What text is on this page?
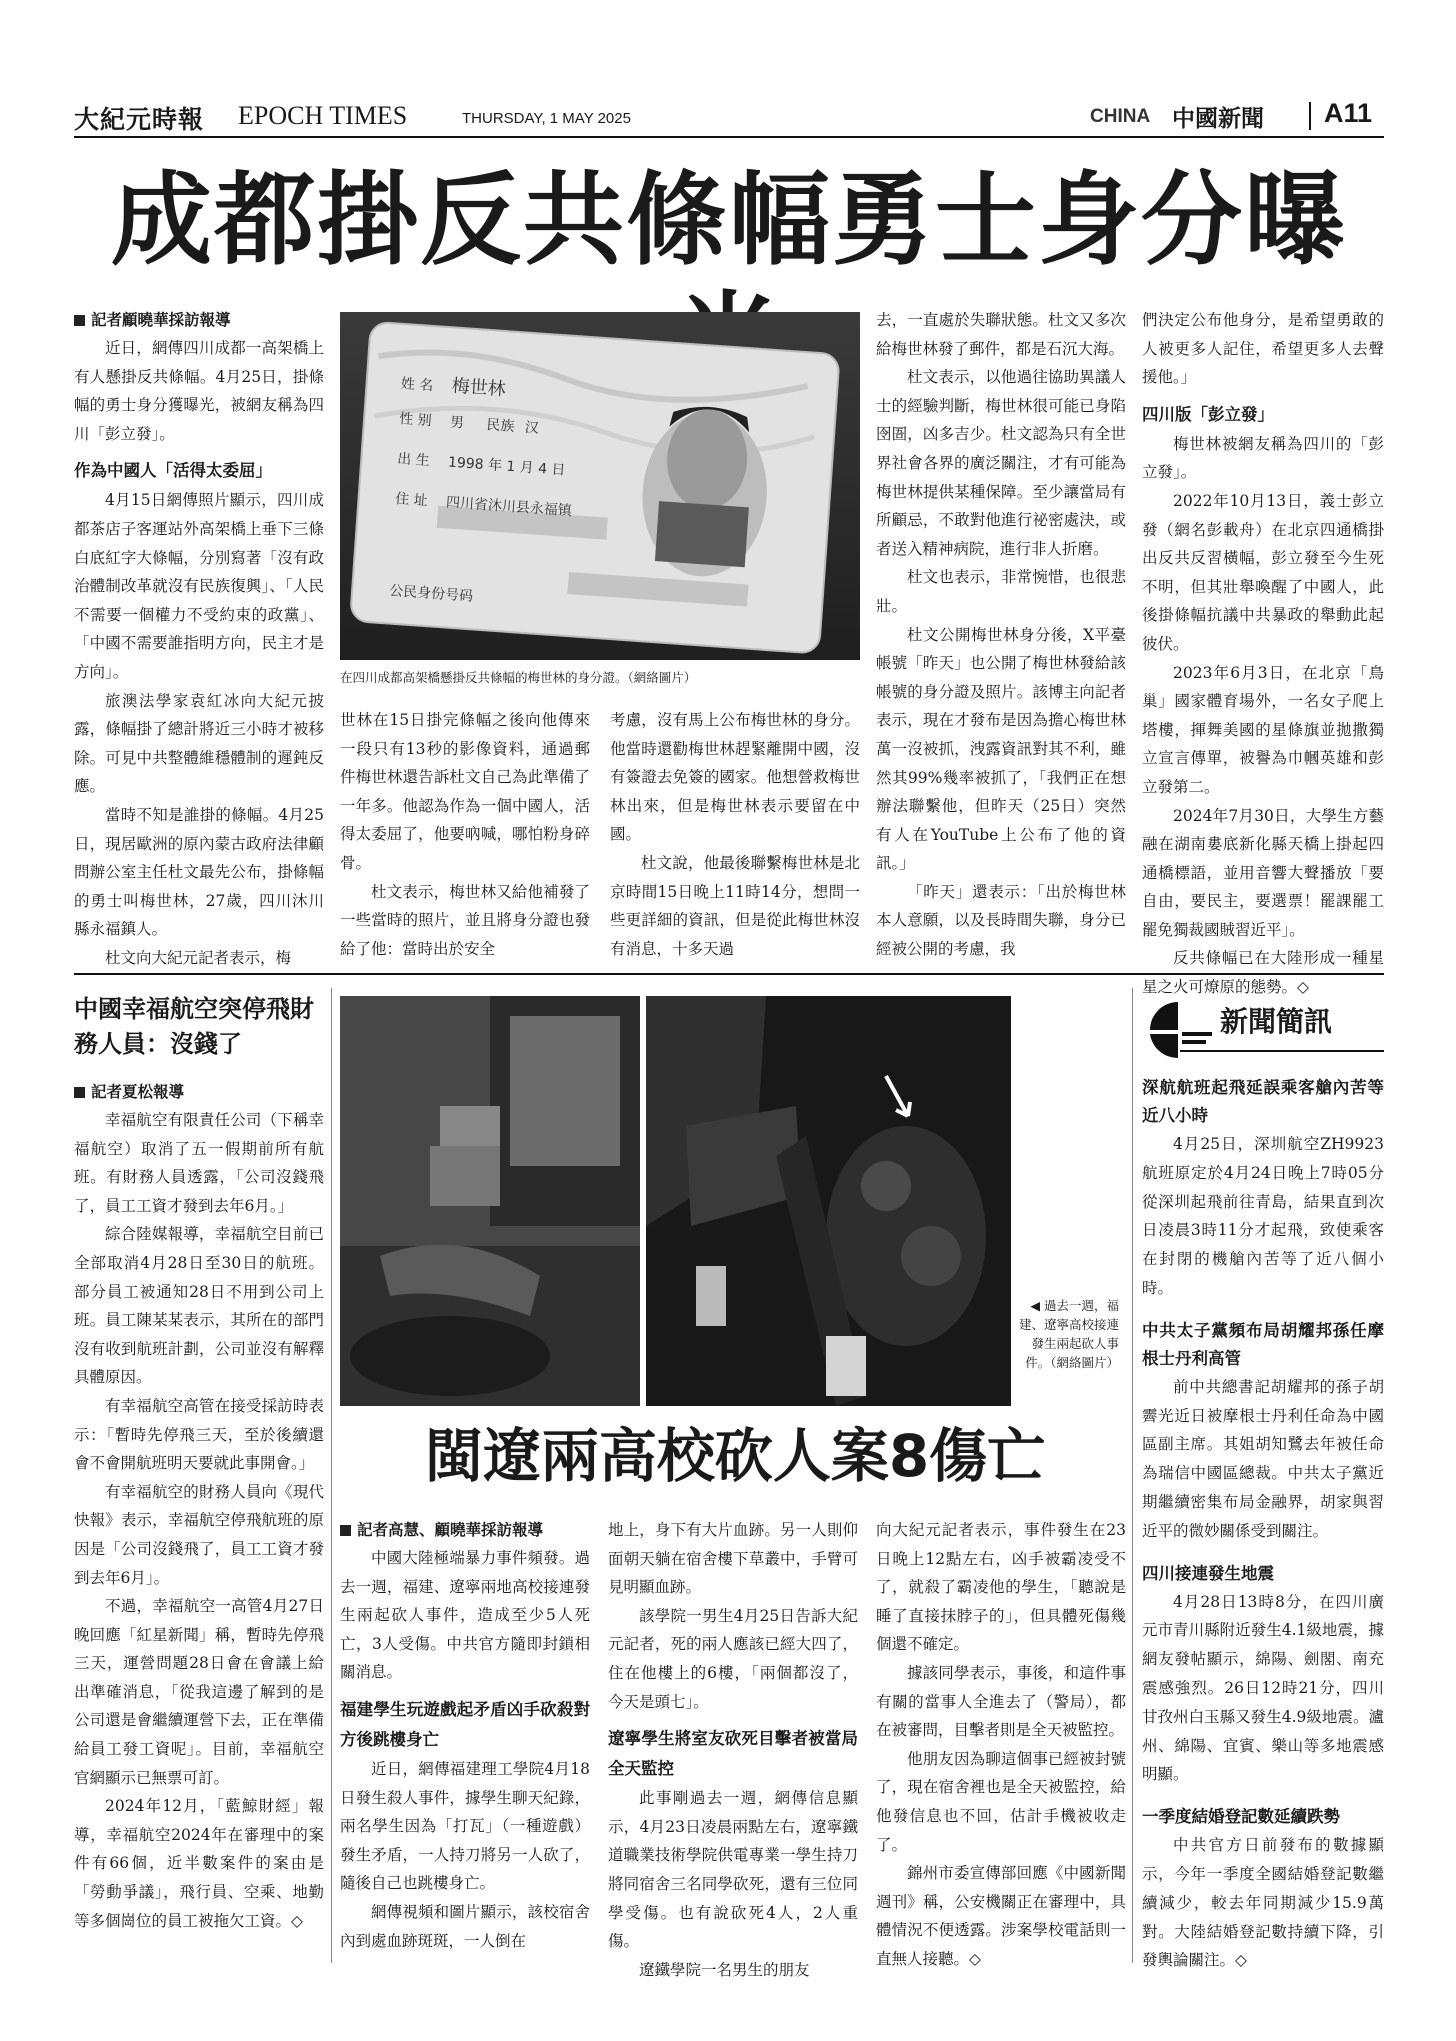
大紀元時報 EPOCH TIMES	THURSDAY, 1 MAY 2025	CHINA 中國新聞 A11
成都掛反共條幅勇士身分曝
記者顧曉華採訪報導

近日，網傳四川成都一高架橋上有人懸掛反共條幅。4月25日，掛條幅的勇士身分獲曝光，被網友稱為四川「彭立發」。

作為中國人「活得太委屈」

4月15日網傳照片顯示，四川成都茶店子客運站外高架橋上垂下三條白底紅字大條幅，分別寫著「沒有政治體制改革就沒有民族復興」、「人民不需要一個權力不受約束的政黨」、「中國不需要誰指明方向，民主才是方向」。

旅澳法學家袁紅冰向大紀元披露，條幅掛了總計將近三小時才被移除。可見中共整體維穩體制的遲鈍反應。

當時不知是誰掛的條幅。4月25日，現居歐洲的原內蒙古政府法律顧問辦公室主任杜文最先公布，掛條幅的勇士叫梅世林，27歲，四川沐川縣永福鎮人。

杜文向大紀元記者表示，梅

姓 名 梅世林
性 别 男 民族 汉
出 生 1998 年 1 月 4 日
住 址 四川省沐川县永福镇
公民身份号码
在四川成都高架橋懸掛反共條幅的梅世林的身分證。（網絡圖片）

世林在15日掛完條幅之後向他傳來一段只有13秒的影像資料，通過郵件梅世林還告訴杜文自己為此準備了一年多。他認為作為一個中國人，活得太委屈了，他要吶喊，哪怕粉身碎骨。

杜文表示，梅世林又給他補發了一些當時的照片，並且將身分證也發給了他：當時出於安全

考慮，沒有馬上公布梅世林的身分。他當時還勸梅世林趕緊離開中國，沒有簽證去免簽的國家。他想營救梅世林出來，但是梅世林表示要留在中國。

杜文說，他最後聯繫梅世林是北京時間15日晚上11時14分，想問一些更詳細的資訊，但是從此梅世林沒有消息，十多天過

去，一直處於失聯狀態。杜文又多次給梅世林發了郵件，都是石沉大海。

杜文表示，以他過往協助異議人士的經驗判斷，梅世林很可能已身陷囹圄，凶多吉少。杜文認為只有全世界社會各界的廣泛關注，才有可能為梅世林提供某種保障。至少讓當局有所顧忌，不敢對他進行祕密處決，或者送入精神病院，進行非人折磨。

杜文也表示，非常惋惜，也很悲壯。

杜文公開梅世林身分後，X平臺帳號「昨天」也公開了梅世林發給該帳號的身分證及照片。該博主向記者表示，現在才發布是因為擔心梅世林萬一沒被抓，洩露資訊對其不利，雖然其99%幾率被抓了，「我們正在想辦法聯繫他，但昨天（25日）突然有人在YouTube上公布了他的資訊。」

「昨天」還表示：「出於梅世林本人意願，以及長時間失聯，身分已經被公開的考慮，我

們決定公布他身分，是希望勇敢的人被更多人記住，希望更多人去聲援他。」

四川版「彭立發」

梅世林被網友稱為四川的「彭立發」。

2022年10月13日，義士彭立發（網名彭載舟）在北京四通橋掛出反共反習橫幅，彭立發至今生死不明，但其壯舉喚醒了中國人，此後掛條幅抗議中共暴政的舉動此起彼伏。

2023年6月3日，在北京「鳥巢」國家體育場外，一名女子爬上塔樓，揮舞美國的星條旗並拋撒獨立宣言傳單，被譽為巾幗英雄和彭立發第二。

2024年7月30日，大學生方藝融在湖南婁底新化縣天橋上掛起四通橋標語，並用音響大聲播放「要自由，要民主，要選票！罷課罷工罷免獨裁國賊習近平」。

反共條幅已在大陸形成一種星星之火可燎原的態勢。◇

中國幸福航空突停飛財務人員：沒錢了
記者夏松報導

幸福航空有限責任公司（下稱幸福航空）取消了五一假期前所有航班。有財務人員透露，「公司沒錢飛了，員工工資才發到去年6月。」

綜合陸媒報導，幸福航空目前已全部取消4月28日至30日的航班。部分員工被通知28日不用到公司上班。員工陳某某表示，其所在的部門沒有收到航班計劃，公司並沒有解釋具體原因。

有幸福航空高管在接受採訪時表示：「暫時先停飛三天，至於後續還會不會開航班明天要就此事開會。」

有幸福航空的財務人員向《現代快報》表示，幸福航空停飛航班的原因是「公司沒錢飛了，員工工資才發到去年6月」。

不過，幸福航空一高管4月27日晚回應「紅星新聞」稱，暫時先停飛三天，運營問題28日會在會議上給出準確消息，「從我這邊了解到的是公司還是會繼續運營下去，正在準備給員工發工資呢」。目前，幸福航空官網顯示已無票可訂。

2024年12月，「藍鯨財經」報導，幸福航空2024年在審理中的案件有66個，近半數案件的案由是「勞動爭議」，飛行員、空乘、地勤等多個崗位的員工被拖欠工資。◇

◀ 過去一週，福建、遼寧高校接連發生兩起砍人事件。（網絡圖片）
閩遼兩高校砍人案8傷亡
記者高慧、顧曉華採訪報導

中國大陸極端暴力事件頻發。過去一週，福建、遼寧兩地高校接連發生兩起砍人事件，造成至少5人死亡，3人受傷。中共官方隨即封鎖相關消息。

福建學生玩遊戲起矛盾凶手砍殺對方後跳樓身亡

近日，網傳福建理工學院4月18日發生殺人事件，據學生聊天紀錄，兩名學生因為「打瓦」（一種遊戲）發生矛盾，一人持刀將另一人砍了，隨後自己也跳樓身亡。

網傳視頻和圖片顯示，該校宿舍內到處血跡斑斑，一人倒在

地上，身下有大片血跡。另一人則仰面朝天躺在宿舍樓下草叢中，手臂可見明顯血跡。

該學院一男生4月25日告訴大紀元記者，死的兩人應該已經大四了，住在他樓上的6樓，「兩個都沒了，今天是頭七」。

遼寧學生將室友砍死目擊者被當局全天監控

此事剛過去一週，網傳信息顯示，4月23日凌晨兩點左右，遼寧鐵道職業技術學院供電專業一學生持刀將同宿舍三名同學砍死，還有三位同學受傷。也有說砍死4人，2人重傷。

遼鐵學院一名男生的朋友

向大紀元記者表示，事件發生在23日晚上12點左右，凶手被霸凌受不了，就殺了霸凌他的學生，「聽說是睡了直接抹脖子的」，但具體死傷幾個還不確定。

據該同學表示，事後，和這件事有關的當事人全進去了（警局），都在被審問，目擊者則是全天被監控。

他朋友因為聊這個事已經被封號了，現在宿舍裡也是全天被監控，給他發信息也不回，估計手機被收走了。

錦州市委宣傳部回應《中國新聞週刊》稱，公安機關正在審理中，具體情況不便透露。涉案學校電話則一直無人接聽。◇

新聞簡訊
深航航班起飛延誤乘客艙內苦等近八小時

4月25日，深圳航空ZH9923航班原定於4月24日晚上7時05分從深圳起飛前往青島，結果直到次日凌晨3時11分才起飛，致使乘客在封閉的機艙內苦等了近八個小時。

中共太子黨頻布局胡耀邦孫任摩根士丹利高管

前中共總書記胡耀邦的孫子胡霽光近日被摩根士丹利任命為中國區副主席。其姐胡知鷺去年被任命為瑞信中國區總裁。中共太子黨近期繼續密集布局金融界，胡家與習近平的微妙關係受到關注。

四川接連發生地震

4月28日13時8分，在四川廣元市青川縣附近發生4.1級地震，據網友發帖顯示，綿陽、劍閣、南充震感強烈。26日12時21分，四川甘孜州白玉縣又發生4.9級地震。瀘州、綿陽、宜賓、樂山等多地震感明顯。

一季度結婚登記數延續跌勢

中共官方日前發布的數據顯示，今年一季度全國結婚登記數繼續減少，較去年同期減少15.9萬對。大陸結婚登記數持續下降，引發輿論關注。◇
